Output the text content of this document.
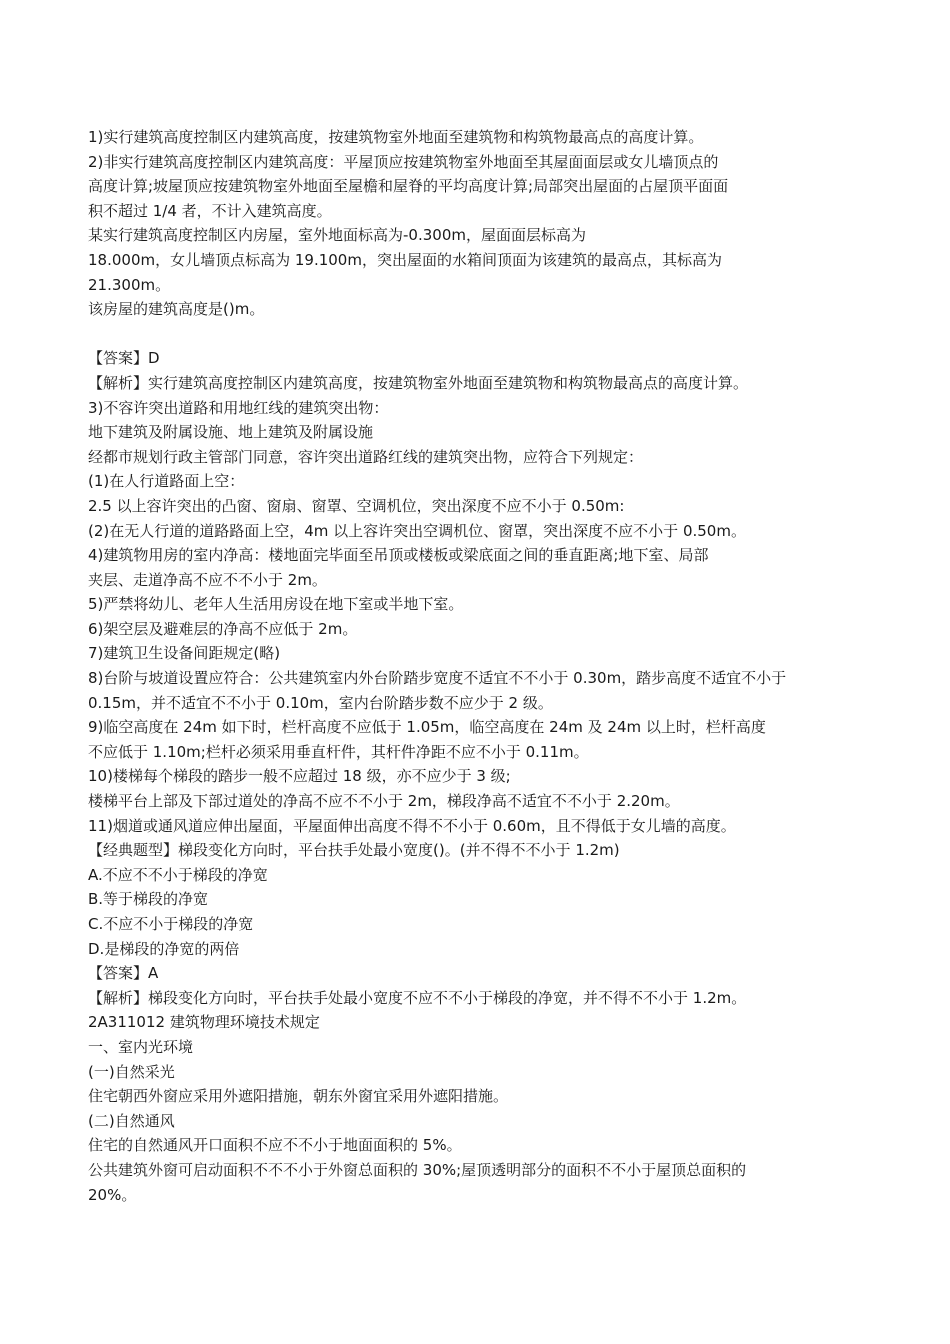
1)实行建筑高度控制区内建筑高度，按建筑物室外地面至建筑物和构筑物最高点的高度计算。
2)非实行建筑高度控制区内建筑高度：平屋顶应按建筑物室外地面至其屋面面层或女儿墙顶点的
高度计算;坡屋顶应按建筑物室外地面至屋檐和屋脊的平均高度计算;局部突出屋面的占屋顶平面面
积不超过 1/4 者，不计入建筑高度。
某实行建筑高度控制区内房屋，室外地面标高为-0.300m，屋面面层标高为
18.000m，女儿墙顶点标高为 19.100m，突出屋面的水箱间顶面为该建筑的最高点，其标高为
21.300m。
该房屋的建筑高度是()m。
【答案】D
【解析】实行建筑高度控制区内建筑高度，按建筑物室外地面至建筑物和构筑物最高点的高度计算。
3)不容许突出道路和用地红线的建筑突出物：
地下建筑及附属设施、地上建筑及附属设施
经都市规划行政主管部门同意，容许突出道路红线的建筑突出物，应符合下列规定：
(1)在人行道路面上空：
2.5 以上容许突出的凸窗、窗扇、窗罩、空调机位，突出深度不应不小于 0.50m:
(2)在无人行道的道路路面上空，4m 以上容许突出空调机位、窗罩，突出深度不应不小于 0.50m。
4)建筑物用房的室内净高：楼地面完毕面至吊顶或楼板或梁底面之间的垂直距离;地下室、局部
夹层、走道净高不应不不小于 2m。
5)严禁将幼儿、老年人生活用房设在地下室或半地下室。
6)架空层及避难层的净高不应低于 2m。
7)建筑卫生设备间距规定(略)
8)台阶与坡道设置应符合：公共建筑室内外台阶踏步宽度不适宜不不小于 0.30m，踏步高度不适宜不小于
0.15m，并不适宜不不小于 0.10m，室内台阶踏步数不应少于 2 级。
9)临空高度在 24m 如下时，栏杆高度不应低于 1.05m，临空高度在 24m 及 24m 以上时，栏杆高度
不应低于 1.10m;栏杆必须采用垂直杆件，其杆件净距不应不小于 0.11m。
10)楼梯每个梯段的踏步一般不应超过 18 级，亦不应少于 3 级;
楼梯平台上部及下部过道处的净高不应不不小于 2m，梯段净高不适宜不不小于 2.20m。
11)烟道或通风道应伸出屋面，平屋面伸出高度不得不不小于 0.60m，且不得低于女儿墙的高度。
【经典题型】梯段变化方向时，平台扶手处最小宽度()。(并不得不不小于 1.2m)
A.不应不不小于梯段的净宽
B.等于梯段的净宽
C.不应不小于梯段的净宽
D.是梯段的净宽的两倍
【答案】A
【解析】梯段变化方向时，平台扶手处最小宽度不应不不小于梯段的净宽，并不得不不小于 1.2m。
2A311012 建筑物理环境技术规定
一、室内光环境
(一)自然采光
住宅朝西外窗应采用外遮阳措施，朝东外窗宜采用外遮阳措施。
(二)自然通风
住宅的自然通风开口面积不应不不小于地面面积的 5%。
公共建筑外窗可启动面积不不不小于外窗总面积的 30%;屋顶透明部分的面积不不小于屋顶总面积的
20%。
